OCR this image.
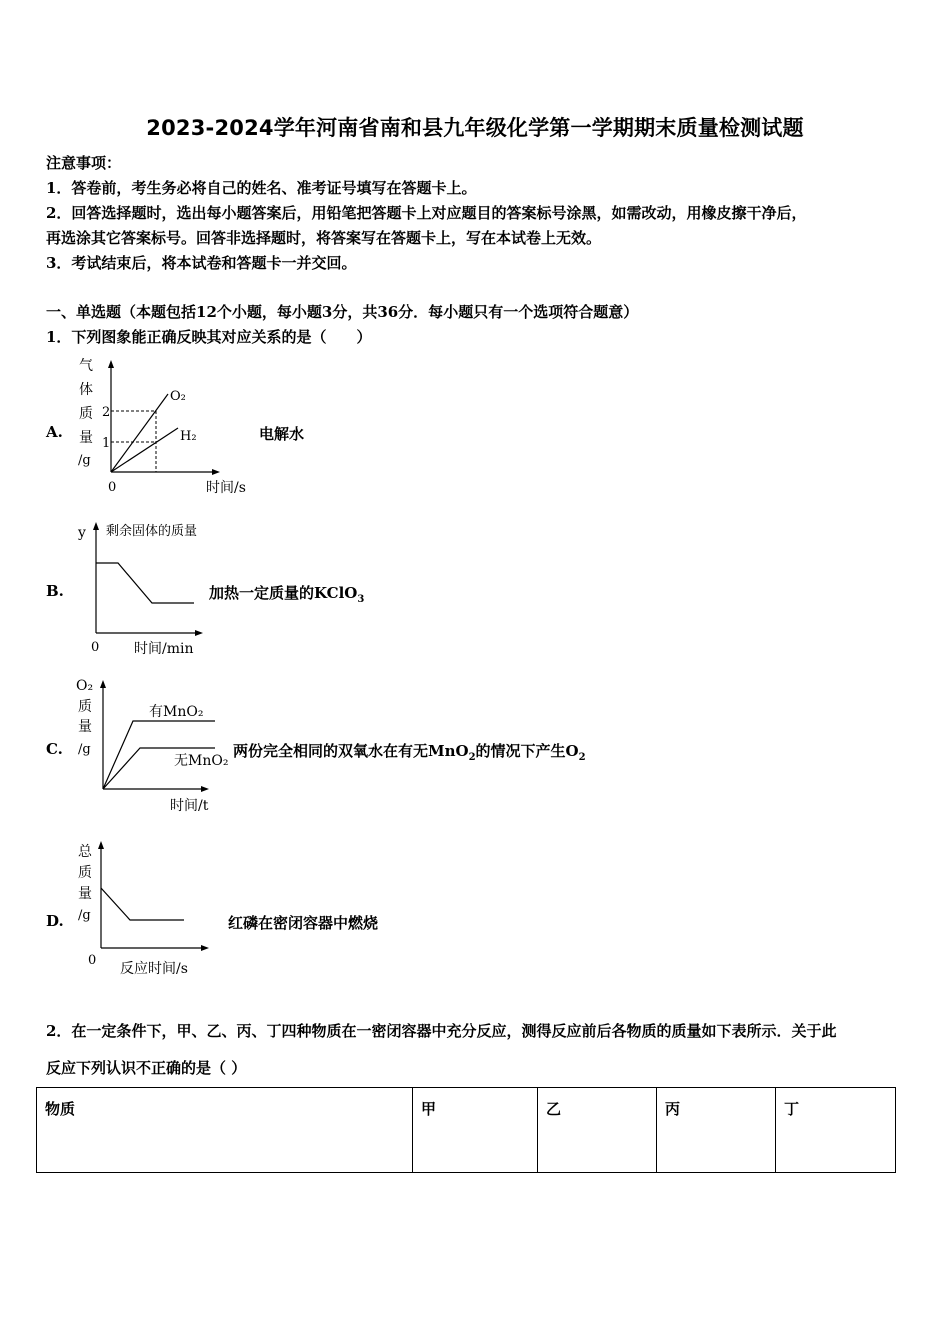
2023-2024学年河南省南和县九年级化学第一学期期末质量检测试题
注意事项：
1．答卷前，考生务必将自己的姓名、准考证号填写在答题卡上。
2．回答选择题时，选出每小题答案后，用铅笔把答题卡上对应题目的答案标号涂黑，如需改动，用橡皮擦干净后，
再选涂其它答案标号。回答非选择题时，将答案写在答题卡上，写在本试卷上无效。
3．考试结束后，将本试卷和答题卡一并交回。
一、单选题（本题包括12个小题，每小题3分，共36分．每小题只有一个选项符合题意）
1．下列图象能正确反映其对应关系的是（　　）
A.
气
体
质
量
/g
2
1
O₂
H₂
0	时间/s
电解水
B.
y 剩余固体的质量
0 时间/min
加热一定质量的KClO$_3$
C.
O₂
质
量
/g
有MnO₂
无MnO₂
时间/t
两份完全相同的双氧水在有无MnO$_2$的情况下产生$O_2$
D.
总
质
量
/g
0
反应时间/s
红磷在密闭容器中燃烧
2．在一定条件下，甲、乙、丙、丁四种物质在一密闭容器中充分反应，测得反应前后各物质的质量如下表所示．关于此
反应下列认识不正确的是（ ）
物质	甲	乙	丙	丁
